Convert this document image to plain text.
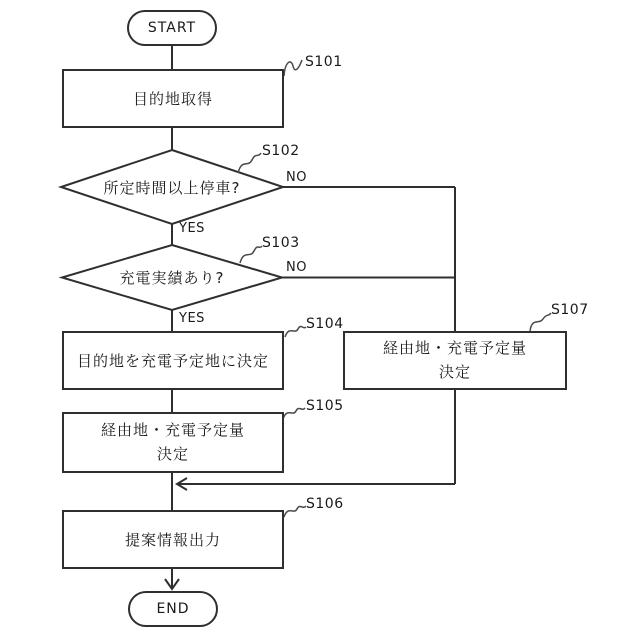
START
END
目的地取得
目的地を充電予定地に決定
経由地・充電予定量
決定
提案情報出力
経由地・充電予定量
決定
所定時間以上停車?
充電実績あり?
S101
S102
S103
S104
S105
S106
S107
NO
YES
NO
YES
